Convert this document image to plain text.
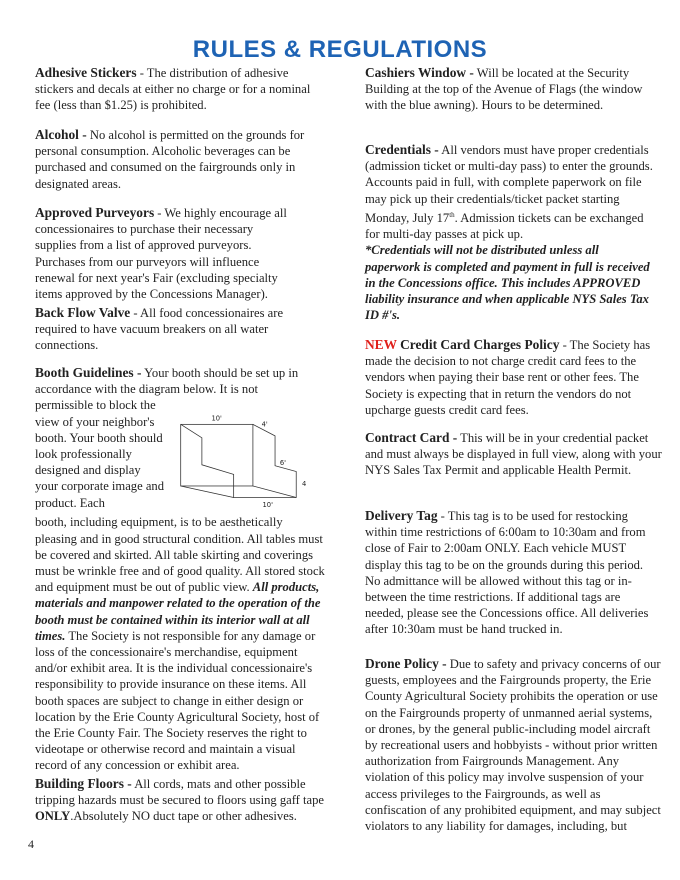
RULES & REGULATIONS

Adhesive Stickers - The distribution of adhesive stickers and decals at either no charge or for a nominal fee (less than $1.25) is prohibited.

Alcohol - No alcohol is permitted on the grounds for personal consumption. Alcoholic beverages can be purchased and consumed on the fairgrounds only in designated areas.

Approved Purveyors - We highly encourage all concessionaires to purchase their necessary supplies from a list of approved purveyors. Purchases from our purveyors will influence renewal for next year's Fair (excluding specialty items approved by the Concessions Manager).

Back Flow Valve - All food concessionaires are required to have vacuum breakers on all water connections.

Booth Guidelines - Your booth should be set up in accordance with the diagram below. It is not
permissible to block the view of your neighbor's booth. Your booth should look professionally designed and display your corporate image and product. Each
10'
4'
6'
4
10'
booth, including equipment, is to be aesthetically pleasing and in good structural condition. All tables must be covered and skirted. All table skirting and coverings must be wrinkle free and of good quality. All stored stock and equipment must be out of public view. All products, materials and manpower related to the operation of the booth must be contained within its interior wall at all times. The Society is not responsible for any damage or loss of the concessionaire's merchandise, equipment and/or exhibit area. It is the individual concessionaire's responsibility to provide insurance on these items. All booth spaces are subject to change in either design or location by the Erie County Agricultural Society, host of the Erie County Fair. The Society reserves the right to videotape or otherwise record and maintain a visual record of any concession or exhibit area.

Building Floors - All cords, mats and other possible tripping hazards must be secured to floors using gaff tape ONLY.Absolutely NO duct tape or other adhesives.

Cashiers Window - Will be located at the Security Building at the top of the Avenue of Flags (the window with the blue awning). Hours to be determined.

Credentials - All vendors must have proper credentials (admission ticket or multi-day pass) to enter the grounds. Accounts paid in full, with complete paperwork on file may pick up their credentials/ticket packet starting Monday, July 17th. Admission tickets can be exchanged for multi-day passes at pick up.
*Credentials will not be distributed unless all paperwork is completed and payment in full is received in the Concessions office. This includes APPROVED liability insurance and when applicable NYS Sales Tax ID #'s.

NEW Credit Card Charges Policy - The Society has made the decision to not charge credit card fees to the vendors when paying their base rent or other fees. The Society is expecting that in return the vendors do not upcharge guests credit card fees.

Contract Card - This will be in your credential packet and must always be displayed in full view, along with your NYS Sales Tax Permit and applicable Health Permit.

Delivery Tag - This tag is to be used for restocking within time restrictions of 6:00am to 10:30am and from close of Fair to 2:00am ONLY. Each vehicle MUST display this tag to be on the grounds during this period. No admittance will be allowed without this tag or in-between the time restrictions. If additional tags are needed, please see the Concessions office. All deliveries after 10:30am must be hand trucked in.

Drone Policy - Due to safety and privacy concerns of our guests, employees and the Fairgrounds property, the Erie County Agricultural Society prohibits the operation or use on the Fairgrounds property of unmanned aerial systems, or drones, by the general public-including model aircraft by recreational users and hobbyists - without prior written authorization from Fairgrounds Management. Any violation of this policy may involve suspension of your access privileges to the Fairgrounds, as well as confiscation of any prohibited equipment, and may subject violators to any liability for damages, including, but

4
